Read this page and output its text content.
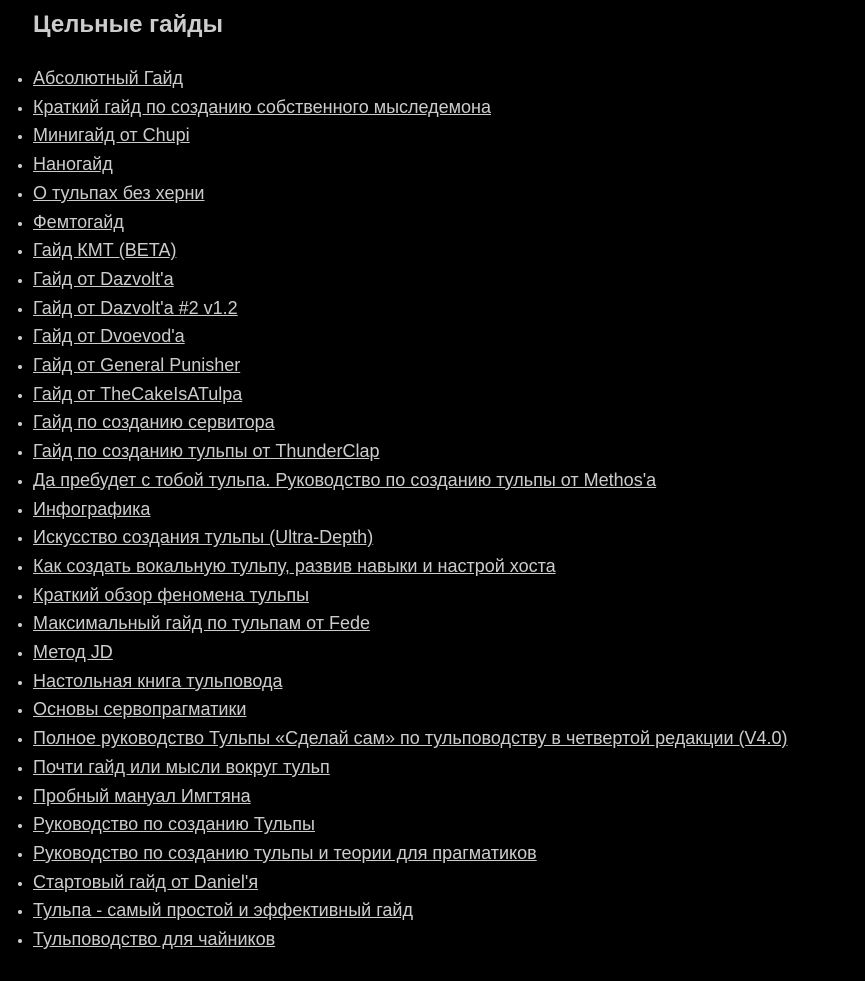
Цельные гайды
• Абсолютный Гайд
• Краткий гайд по созданию собственного мыследемона
• Минигайд от Chupi
• Наногайд
• О тульпах без херни
• Фемтогайд
• Гайд КМТ (BETA)
• Гайд от Dazvolt'a
• Гайд от Dazvolt'a #2 v1.2
• Гайд от Dvoevod'a
• Гайд от General Punisher
• Гайд от TheCakeIsATulpa
• Гайд по созданию сервитора
• Гайд по созданию тульпы от ThunderClap
• Да пребудет с тобой тульпа. Руководство по созданию тульпы от Methos'a
• Инфографика
• Искусство создания тульпы (Ultra-Depth)
• Как создать вокальную тульпу, развив навыки и настрой хоста
• Краткий обзор феномена тульпы
• Максимальный гайд по тульпам от Fede
• Метод JD
• Настольная книга тульповода
• Основы сервопрагматики
• Полное руководство Тульпы «Сделай сам» по тульповодству в четвертой редакции (V4.0)
• Почти гайд или мысли вокруг тульп
• Пробный мануал Имгтяна
• Руководство по созданию Тульпы
• Руководство по созданию тульпы и теории для прагматиков
• Стартовый гайд от Daniel'я
• Тульпа - самый простой и эффективный гайд
• Тульповодство для чайников
